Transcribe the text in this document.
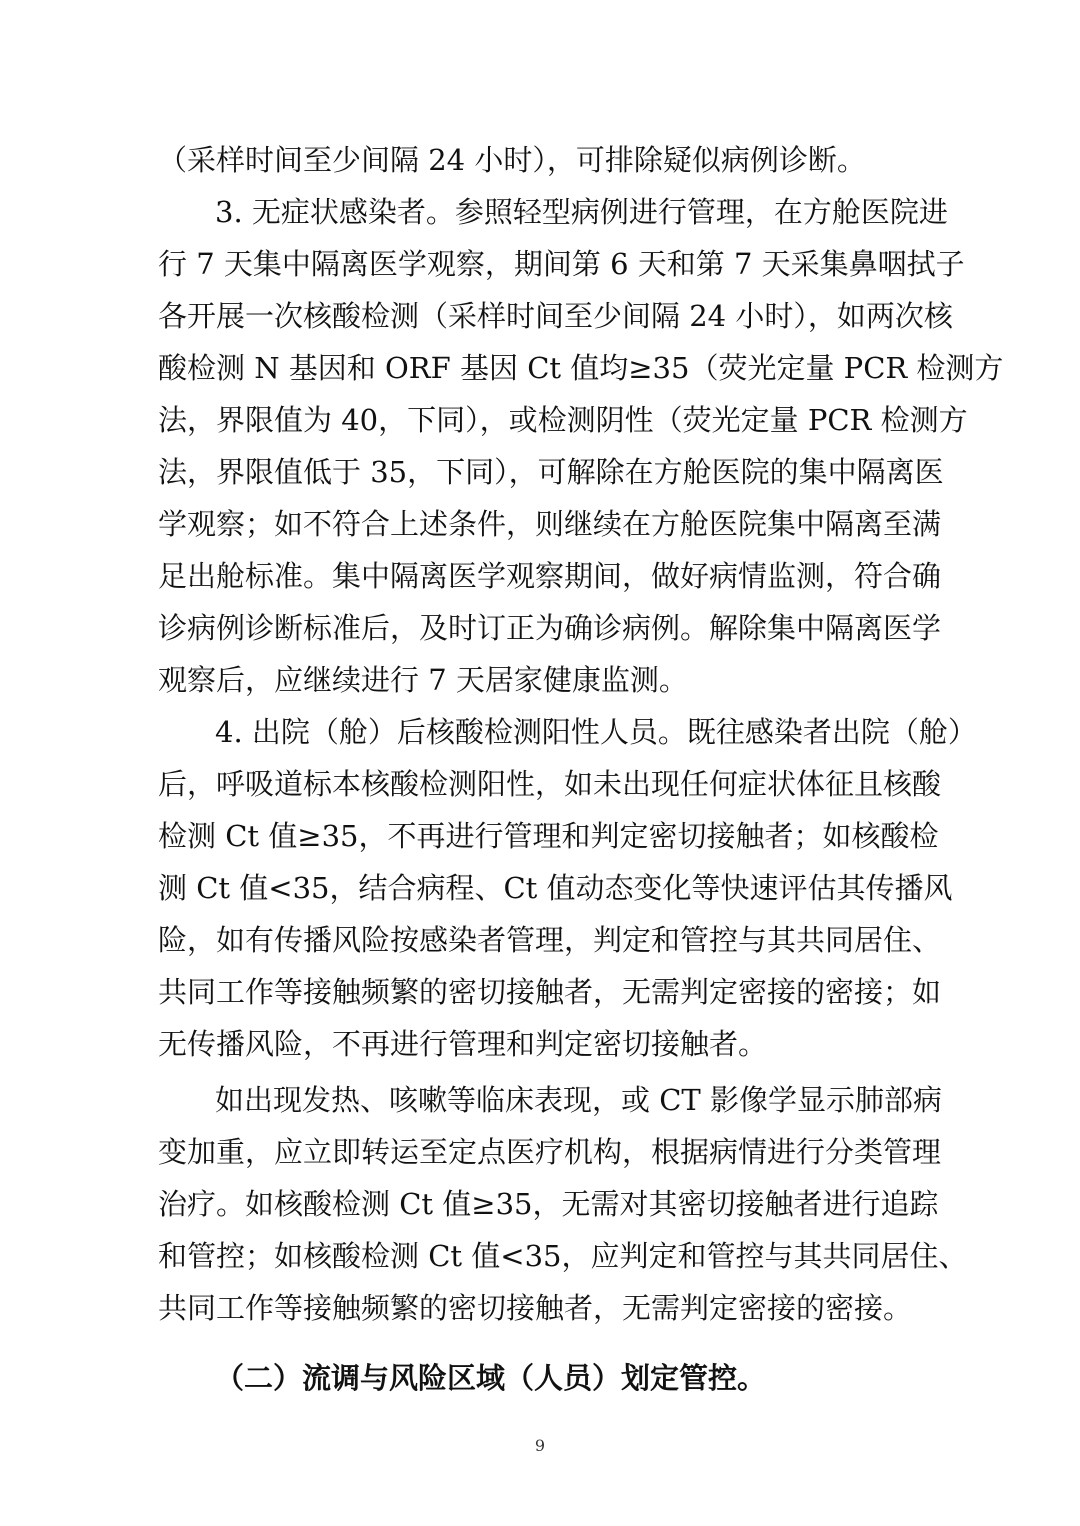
（采样时间至少间隔 24 小时），可排除疑似病例诊断。
3. 无症状感染者。参照轻型病例进行管理，在方舱医院进
行 7 天集中隔离医学观察，期间第 6 天和第 7 天采集鼻咽拭子
各开展一次核酸检测（采样时间至少间隔 24 小时），如两次核
酸检测 N 基因和 ORF 基因 Ct 值均≥35（荧光定量 PCR 检测方
法，界限值为 40，下同），或检测阴性（荧光定量 PCR 检测方
法，界限值低于 35，下同），可解除在方舱医院的集中隔离医
学观察；如不符合上述条件，则继续在方舱医院集中隔离至满
足出舱标准。集中隔离医学观察期间，做好病情监测，符合确
诊病例诊断标准后，及时订正为确诊病例。解除集中隔离医学
观察后，应继续进行 7 天居家健康监测。
4. 出院（舱）后核酸检测阳性人员。既往感染者出院（舱）
后，呼吸道标本核酸检测阳性，如未出现任何症状体征且核酸
检测 Ct 值≥35，不再进行管理和判定密切接触者；如核酸检
测 Ct 值<35，结合病程、Ct 值动态变化等快速评估其传播风
险，如有传播风险按感染者管理，判定和管控与其共同居住、
共同工作等接触频繁的密切接触者，无需判定密接的密接；如
无传播风险，不再进行管理和判定密切接触者。
如出现发热、咳嗽等临床表现，或 CT 影像学显示肺部病
变加重，应立即转运至定点医疗机构，根据病情进行分类管理
治疗。如核酸检测 Ct 值≥35，无需对其密切接触者进行追踪
和管控；如核酸检测 Ct 值<35，应判定和管控与其共同居住、
共同工作等接触频繁的密切接触者，无需判定密接的密接。
（二）流调与风险区域（人员）划定管控。
9
